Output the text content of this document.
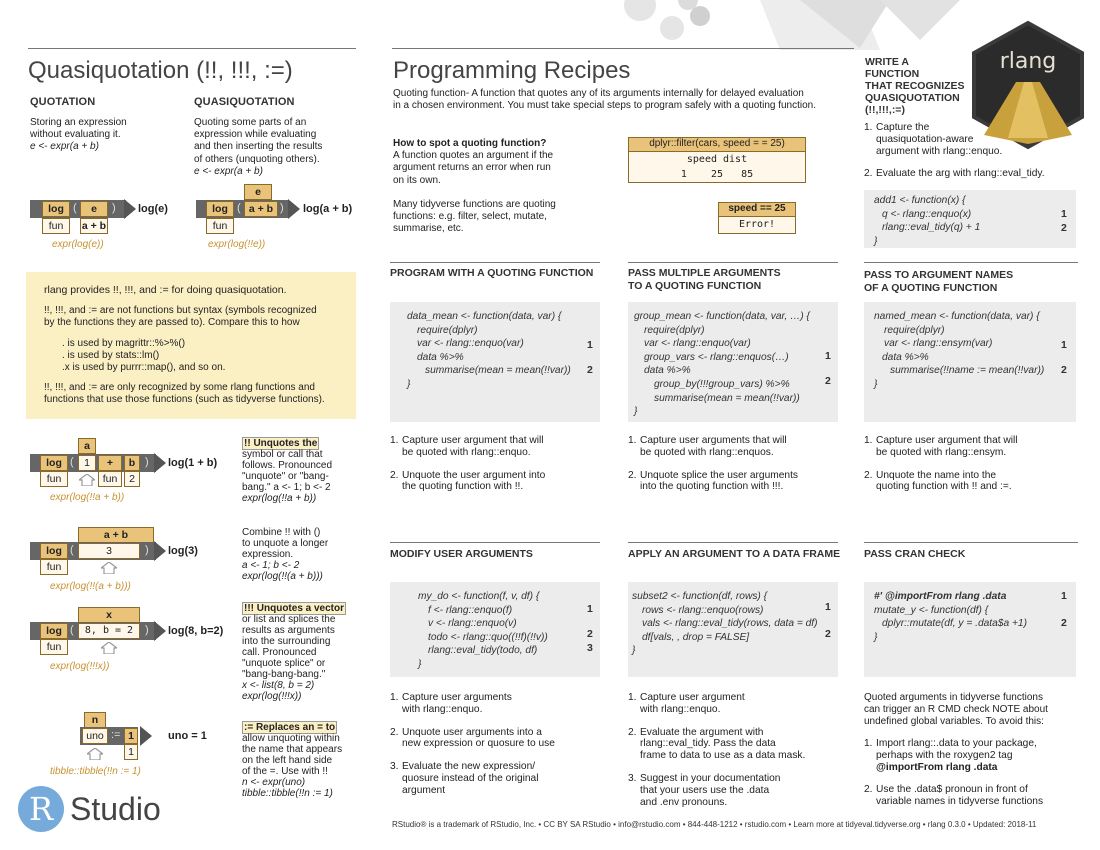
Quasiquotation (!!, !!!, :=)
QUOTATION
Storing an expression
without evaluating it.
e <- expr(a + b)
QUASIQUOTATION
Quoting some parts of an
expression while evaluating
and then inserting the results
of others (unquoting others).
e <- expr(a + b)
log (	e	)
fun	a + b
log(e)
expr(log(e))
e
log ( a + b )
fun
log(a + b)
expr(log(!!e))
rlang provides !!, !!!, and := for doing quasiquotation.
!!, !!!, and := are not functions but syntax (symbols recognized
by the functions they are passed to). Compare this to how
. is used by magrittr::%>%()
. is used by stats::lm()
.x is used by purrr::map(), and so on.
!!, !!!, and := are only recognized by some rlang functions and
functions that use those functions (such as tidyverse functions).
a
log ( 1	+	b )
fun	fun	2
log(1 + b)
expr(log(!!a + b))
!! Unquotes the
symbol or call that
follows. Pronounced
"unquote" or "bang-
bang." a <- 1; b <- 2
expr(log(!!a + b))
a + b
log (	3	)
fun
log(3)
expr(log(!!(a + b)))
Combine !! with ()
to unquote a longer
expression.
a <- 1; b <- 2
expr(log(!!(a + b)))
x
log (	8, b = 2	)
fun
log(8, b=2)
expr(log(!!!x))
!!! Unquotes a vector
or list and splices the
results as arguments
into the surrounding
call. Pronounced
"unquote splice" or
"bang-bang-bang."
x <- list(8, b = 2)
expr(log(!!!x))
n
uno := 1
1
uno = 1
tibble::tibble(!!n := 1)
:= Replaces an = to
allow unquoting within
the name that appears
on the left hand side
of the =. Use with !!
n <- expr(uno)
tibble::tibble(!!n := 1)
R Studio
Programming Recipes
Quoting function- A function that quotes any of its arguments internally for delayed evaluation
in a chosen environment. You must take special steps to program safely with a quoting function.
How to spot a quoting function?
A function quotes an argument if the
argument returns an error when run
on its own.
Many tidyverse functions are quoting
functions: e.g. filter, select, mutate,
summarise, etc.
dplyr::filter(cars, speed = = 25)
speed dist
1    25   85
speed == 25
Error!
PROGRAM WITH A QUOTING FUNCTION
data_mean <- function(data, var) {
require(dplyr)
var <- rlang::enquo(var)
data %>%
summarise(mean = mean(!!var))
}
1
2
1. Capture user argument that will
be quoted with rlang::enquo.
2. Unquote the user argument into
the quoting function with !!.
PASS MULTIPLE ARGUMENTS
TO A QUOTING FUNCTION
group_mean <- function(data, var, …) {
require(dplyr)
var <- rlang::enquo(var)
group_vars <- rlang::enquos(…)
data %>%
group_by(!!!group_vars) %>%
summarise(mean = mean(!!var))
}
1
2
1. Capture user arguments that will
be quoted with rlang::enquos.
2. Unquote splice the user arguments
into the quoting function with !!!.
MODIFY USER ARGUMENTS
my_do <- function(f, v, df) {
f <- rlang::enquo(f)
v <- rlang::enquo(v)
todo <- rlang::quo((!!f)(!!v))
rlang::eval_tidy(todo, df)
}
1
2
3
1. Capture user arguments
with rlang::enquo.
2. Unquote user arguments into a
new expression or quosure to use
3. Evaluate the new expression/
quosure instead of the original
argument
APPLY AN ARGUMENT TO A DATA FRAME
subset2 <- function(df, rows) {
rows <- rlang::enquo(rows)
vals <- rlang::eval_tidy(rows, data = df)
df[vals, , drop = FALSE]
}
1
2
1. Capture user argument
with rlang::enquo.
2. Evaluate the argument with
rlang::eval_tidy. Pass the data
frame to data to use as a data mask.
3. Suggest in your documentation
that your users use the .data
and .env pronouns.
WRITE A
FUNCTION
THAT RECOGNIZES
QUASIQUOTATION
(!!,!!!,:=)
rlang
1. Capture the
quasiquotation-aware
argument with rlang::enquo.
2. Evaluate the arg with rlang::eval_tidy.
add1 <- function(x) {
q <- rlang::enquo(x)
rlang::eval_tidy(q) + 1
}
1
2
PASS TO ARGUMENT NAMES
OF A QUOTING FUNCTION
named_mean <- function(data, var) {
require(dplyr)
var <- rlang::ensym(var)
data %>%
summarise(!!name := mean(!!var))
}
1
2
1. Capture user argument that will
be quoted with rlang::ensym.
2. Unquote the name into the
quoting function with !! and :=.
PASS CRAN CHECK
#' @importFrom rlang .data
mutate_y <- function(df) {
dplyr::mutate(df, y = .data$a +1)
}
1
2
Quoted arguments in tidyverse functions
can trigger an R CMD check NOTE about
undefined global variables. To avoid this:
1. Import rlang::.data to your package,
perhaps with the roxygen2 tag
@importFrom rlang .data
2. Use the .data$ pronoun in front of
variable names in tidyverse functions
RStudio® is a trademark of RStudio, Inc. • CC BY SA RStudio • info@rstudio.com • 844-448-1212 • rstudio.com • Learn more at tidyeval.tidyverse.org • rlang 0.3.0 • Updated: 2018-11
